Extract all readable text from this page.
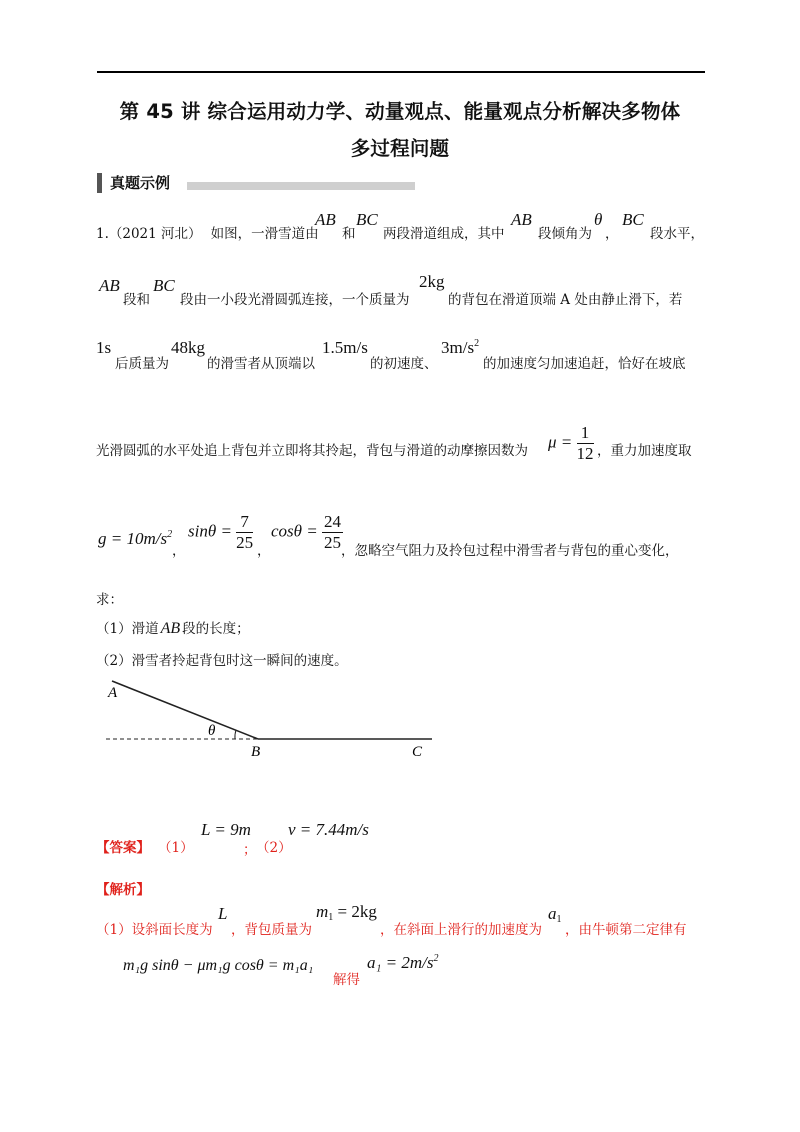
第 45 讲 综合运用动力学、动量观点、能量观点分析解决多物体
多过程问题
真题示例
1.（2021 河北） 如图，一滑雪道由
AB
和
BC
两段滑道组成，其中
AB
段倾角为
θ
，
BC
段水平，
AB
段和
BC
段由一小段光滑圆弧连接，一个质量为
2kg
的背包在滑道顶端 A 处由静止滑下，若
1s
后质量为
48kg
的滑雪者从顶端以
1.5m/s
的初速度、
$3m/s^2$
的加速度匀加速追赶，恰好在坡底
光滑圆弧的水平处追上背包并立即将其拎起，背包与滑道的动摩擦因数为 $\mu = \frac{1}{12}$ ，重力加速度取
$g = 10m/s^2$
，
$\sin\theta = \frac{7}{25}$ ，
$\cos\theta = \frac{24}{25}$
，忽略空气阻力及拎包过程中滑雪者与背包的重心变化，
求：
（1）滑道 AB 段的长度；
（2）滑雪者拎起背包时这一瞬间的速度。
A
θ
B	C
【答案】 （1）
L = 9m
； （2）
v = 7.44m/s
【解析】
（1）设斜面长度为
L
，背包质量为
$m_1 = 2kg$
，在斜面上滑行的加速度为
$a_1$
，由牛顿第二定律有
m₁g sinθ − μm₁g cosθ = m₁a₁
解得
$a_1 = 2m/s^2$
